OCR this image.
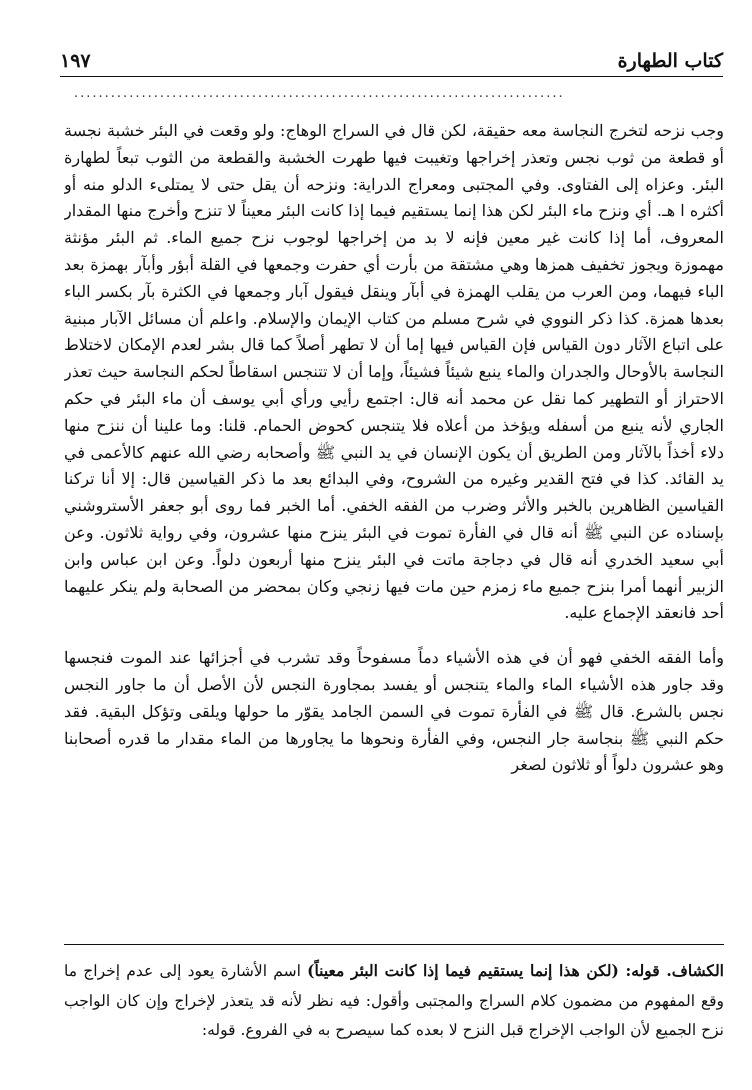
كتاب الطهارة
١٩٧
................................................................................

وجب نزحه لتخرج النجاسة معه حقيقة، لكن قال في السراج الوهاج: ولو وقعت في البئر خشبة نجسة أو قطعة من ثوب نجس وتعذر إخراجها وتغيبت فيها طهرت الخشبة والقطعة من الثوب تبعاً لطهارة البئر. وعزاه إلى الفتاوى. وفي المجتبى ومعراج الدراية: ونزحه أن يقل حتى لا يمتلىء الدلو منه أو أكثره ا هـ. أي ونزح ماء البئر لكن هذا إنما يستقيم فيما إذا كانت البئر معيناً لا تنزح وأخرج منها المقدار المعروف، أما إذا كانت غير معين فإنه لا بد من إخراجها لوجوب نزح جميع الماء. ثم البئر مؤنثة مهموزة ويجوز تخفيف همزها وهي مشتقة من بأرت أي حفرت وجمعها في القلة أبؤر وأبآر بهمزة بعد الباء فيهما، ومن العرب من يقلب الهمزة في أبآر وينقل فيقول آبار وجمعها في الكثرة بآر بكسر الباء بعدها همزة. كذا ذكر النووي في شرح مسلم من كتاب الإيمان والإسلام. واعلم أن مسائل الآبار مبنية على اتباع الآثار دون القياس فإن القياس فيها إما أن لا تطهر أصلاً كما قال بشر لعدم الإمكان لاختلاط النجاسة بالأوحال والجدران والماء ينبع شيئاً فشيئاً، وإما أن لا تتنجس اسقاطاً لحكم النجاسة حيث تعذر الاحتراز أو التطهير كما نقل عن محمد أنه قال: اجتمع رأيي ورأي أبي يوسف أن ماء البئر في حكم الجاري لأنه ينبع من أسفله ويؤخذ من أعلاه فلا يتنجس كحوض الحمام. قلنا: وما علينا أن ننزح منها دلاء أخذاً بالآثار ومن الطريق أن يكون الإنسان في يد النبي ﷺ وأصحابه رضي الله عنهم كالأعمى في يد القائد. كذا في فتح القدير وغيره من الشروح، وفي البدائع بعد ما ذكر القياسين قال: إلا أنا تركنا القياسين الظاهرين بالخبر والأثر وضرب من الفقه الخفي. أما الخبر فما روى أبو جعفر الأستروشني بإسناده عن النبي ﷺ أنه قال في الفأرة تموت في البئر ينزح منها عشرون، وفي رواية ثلاثون. وعن أبي سعيد الخدري أنه قال في دجاجة ماتت في البئر ينزح منها أربعون دلواً. وعن ابن عباس وابن الزبير أنهما أمرا بنزح جميع ماء زمزم حين مات فيها زنجي وكان بمحضر من الصحابة ولم ينكر عليهما أحد فانعقد الإجماع عليه.

وأما الفقه الخفي فهو أن في هذه الأشياء دماً مسفوحاً وقد تشرب في أجزائها عند الموت فنجسها وقد جاور هذه الأشياء الماء والماء يتنجس أو يفسد بمجاورة النجس لأن الأصل أن ما جاور النجس نجس بالشرع. قال ﷺ في الفأرة تموت في السمن الجامد يقوّر ما حولها ويلقى وتؤكل البقية. فقد حكم النبي ﷺ بنجاسة جار النجس، وفي الفأرة ونحوها ما يجاورها من الماء مقدار ما قدره أصحابنا وهو عشرون دلواً أو ثلاثون لصغر

الكشاف. قوله: (لكن هذا إنما يستقيم فيما إذا كانت البئر معيناً) اسم الأشارة يعود إلى عدم إخراج ما وقع المفهوم من مضمون كلام السراج والمجتبى وأقول: فيه نظر لأنه قد يتعذر لإخراج وإن كان الواجب نزح الجميع لأن الواجب الإخراج قبل النزح لا بعده كما سيصرح به في الفروع. قوله:
